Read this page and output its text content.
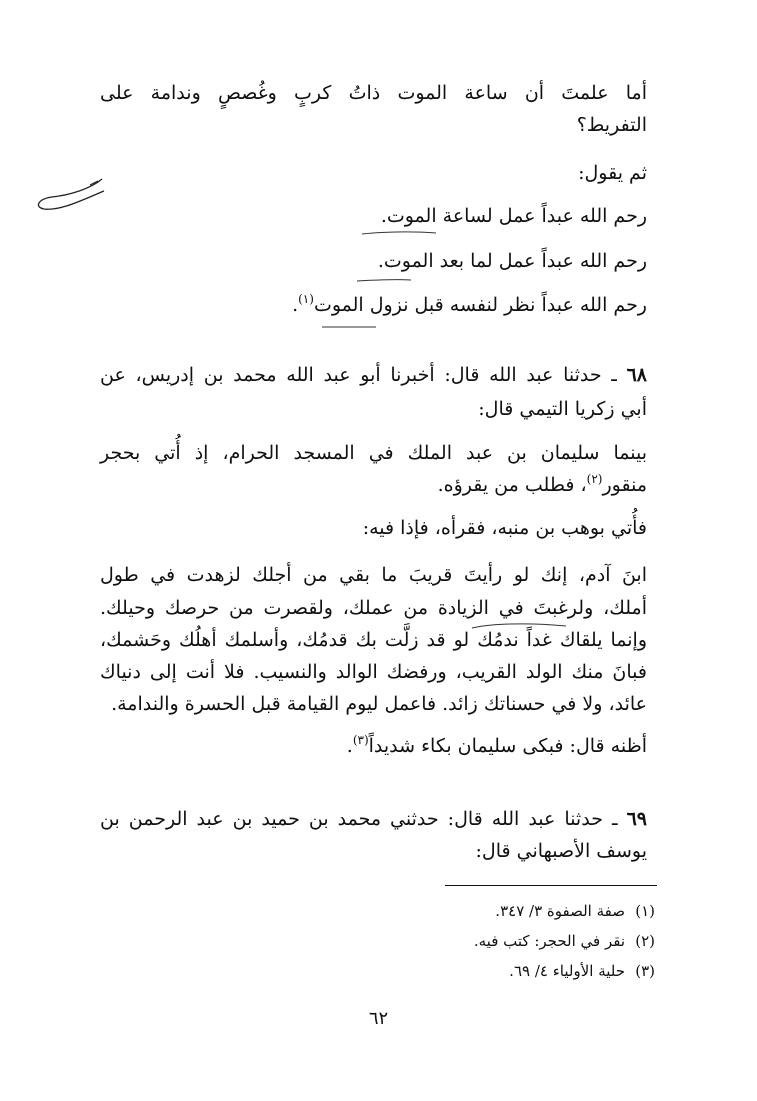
أما علمتَ أن ساعة الموت ذاتُ كربٍ وغُصصٍ وندامة على
التفريط؟
ثم يقول:
رحم الله عبداً عمل لساعة الموت.
رحم الله عبداً عمل لما بعد الموت.
رحم الله عبداً نظر لنفسه قبل نزول الموت$^{(١)}$.
٦٨ ـ حدثنا عبد الله قال: أخبرنا أبو عبد الله محمد بن إدريس، عن
أبي زكريا التيمي قال:
بينما سليمان بن عبد الملك في المسجد الحرام، إذ أُتي بحجر
منقور$^{(٢)}$، فطلب من يقرؤه.
فأُتي بوهب بن منبه، فقرأه، فإذا فيه:
ابنَ آدم، إنك لو رأيتَ قريبَ ما بقي من أجلك لزهدت في طول
أملك، ولرغبتَ في الزيادة من عملك، ولقصرت من حرصك وحيلك.
وإنما يلقاك غداً ندمُك لو قد زلَّت بك قدمُك، وأسلمك أهلُك وحَشمك،
فبانَ منك الولد القريب، ورفضك الوالد والنسيب. فلا أنت إلى دنياك
عائد، ولا في حسناتك زائد. فاعمل ليوم القيامة قبل الحسرة والندامة.
أظنه قال: فبكى سليمان بكاء شديداً$^{(٣)}$.
٦٩ ـ حدثنا عبد الله قال: حدثني محمد بن حميد بن عبد الرحمن بن
يوسف الأصبهاني قال:
(١)صفة الصفوة ٣/ ٣٤٧.
(٢)نقر في الحجر: كتب فيه.
(٣)حلية الأولياء ٤/ ٦٩.
٦٢
